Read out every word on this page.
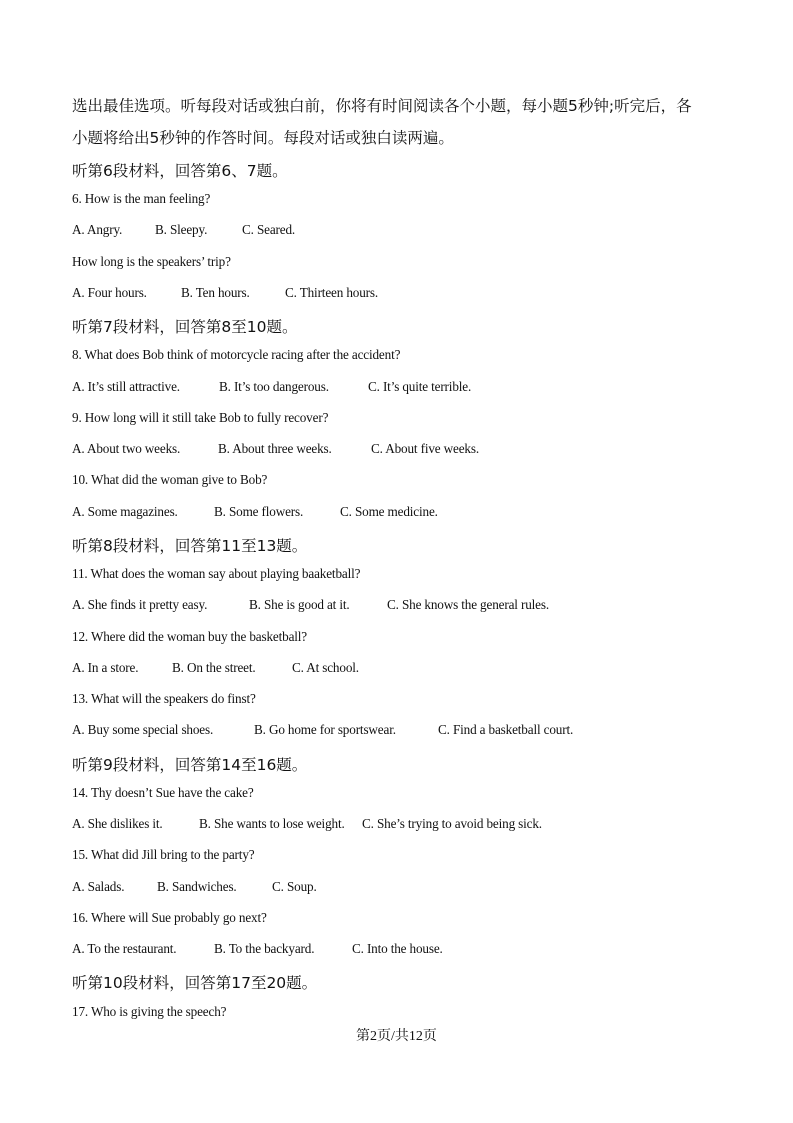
选出最佳选项。听每段对话或独白前，你将有时间阅读各个小题，每小题5秒钟;听完后，各
小题将给出5秒钟的作答时间。每段对话或独白读两遍。
听第6段材料，回答第6、7题。
6. How is the man feeling?
A. Angry. B. Sleepy.	C. Seared.
How long is the speakers’ trip?
A. Four hours.	B. Ten hours.	C. Thirteen hours.
听第7段材料，回答第8至10题。
8. What does Bob think of motorcycle racing after the accident?
A. It’s still attractive.	B. It’s too dangerous.	C. It’s quite terrible.
9. How long will it still take Bob to fully recover?
A. About two weeks.	B. About three weeks.	C. About five weeks.
10. What did the woman give to Bob?
A. Some magazines.	B. Some flowers.	C. Some medicine.
听第8段材料，回答第11至13题。
11. What does the woman say about playing baaketball?
A. She finds it pretty easy.	B. She is good at it.	C. She knows the general rules.
12. Where did the woman buy the basketball?
A. In a store.	B. On the street.	C. At school.
13. What will the speakers do finst?
A. Buy some special shoes.	B. Go home for sportswear.	C. Find a basketball court.
听第9段材料，回答第14至16题。
14. Thy doesn’t Sue have the cake?
A. She dislikes it.	B. She wants to lose weight. C. She’s trying to avoid being sick.
15. What did Jill bring to the party?
A. Salads. B. Sandwiches.	C. Soup.
16. Where will Sue probably go next?
A. To the restaurant.	B. To the backyard.	C. Into the house.
听第10段材料，回答第17至20题。
17. Who is giving the speech?
第2页/共12页
